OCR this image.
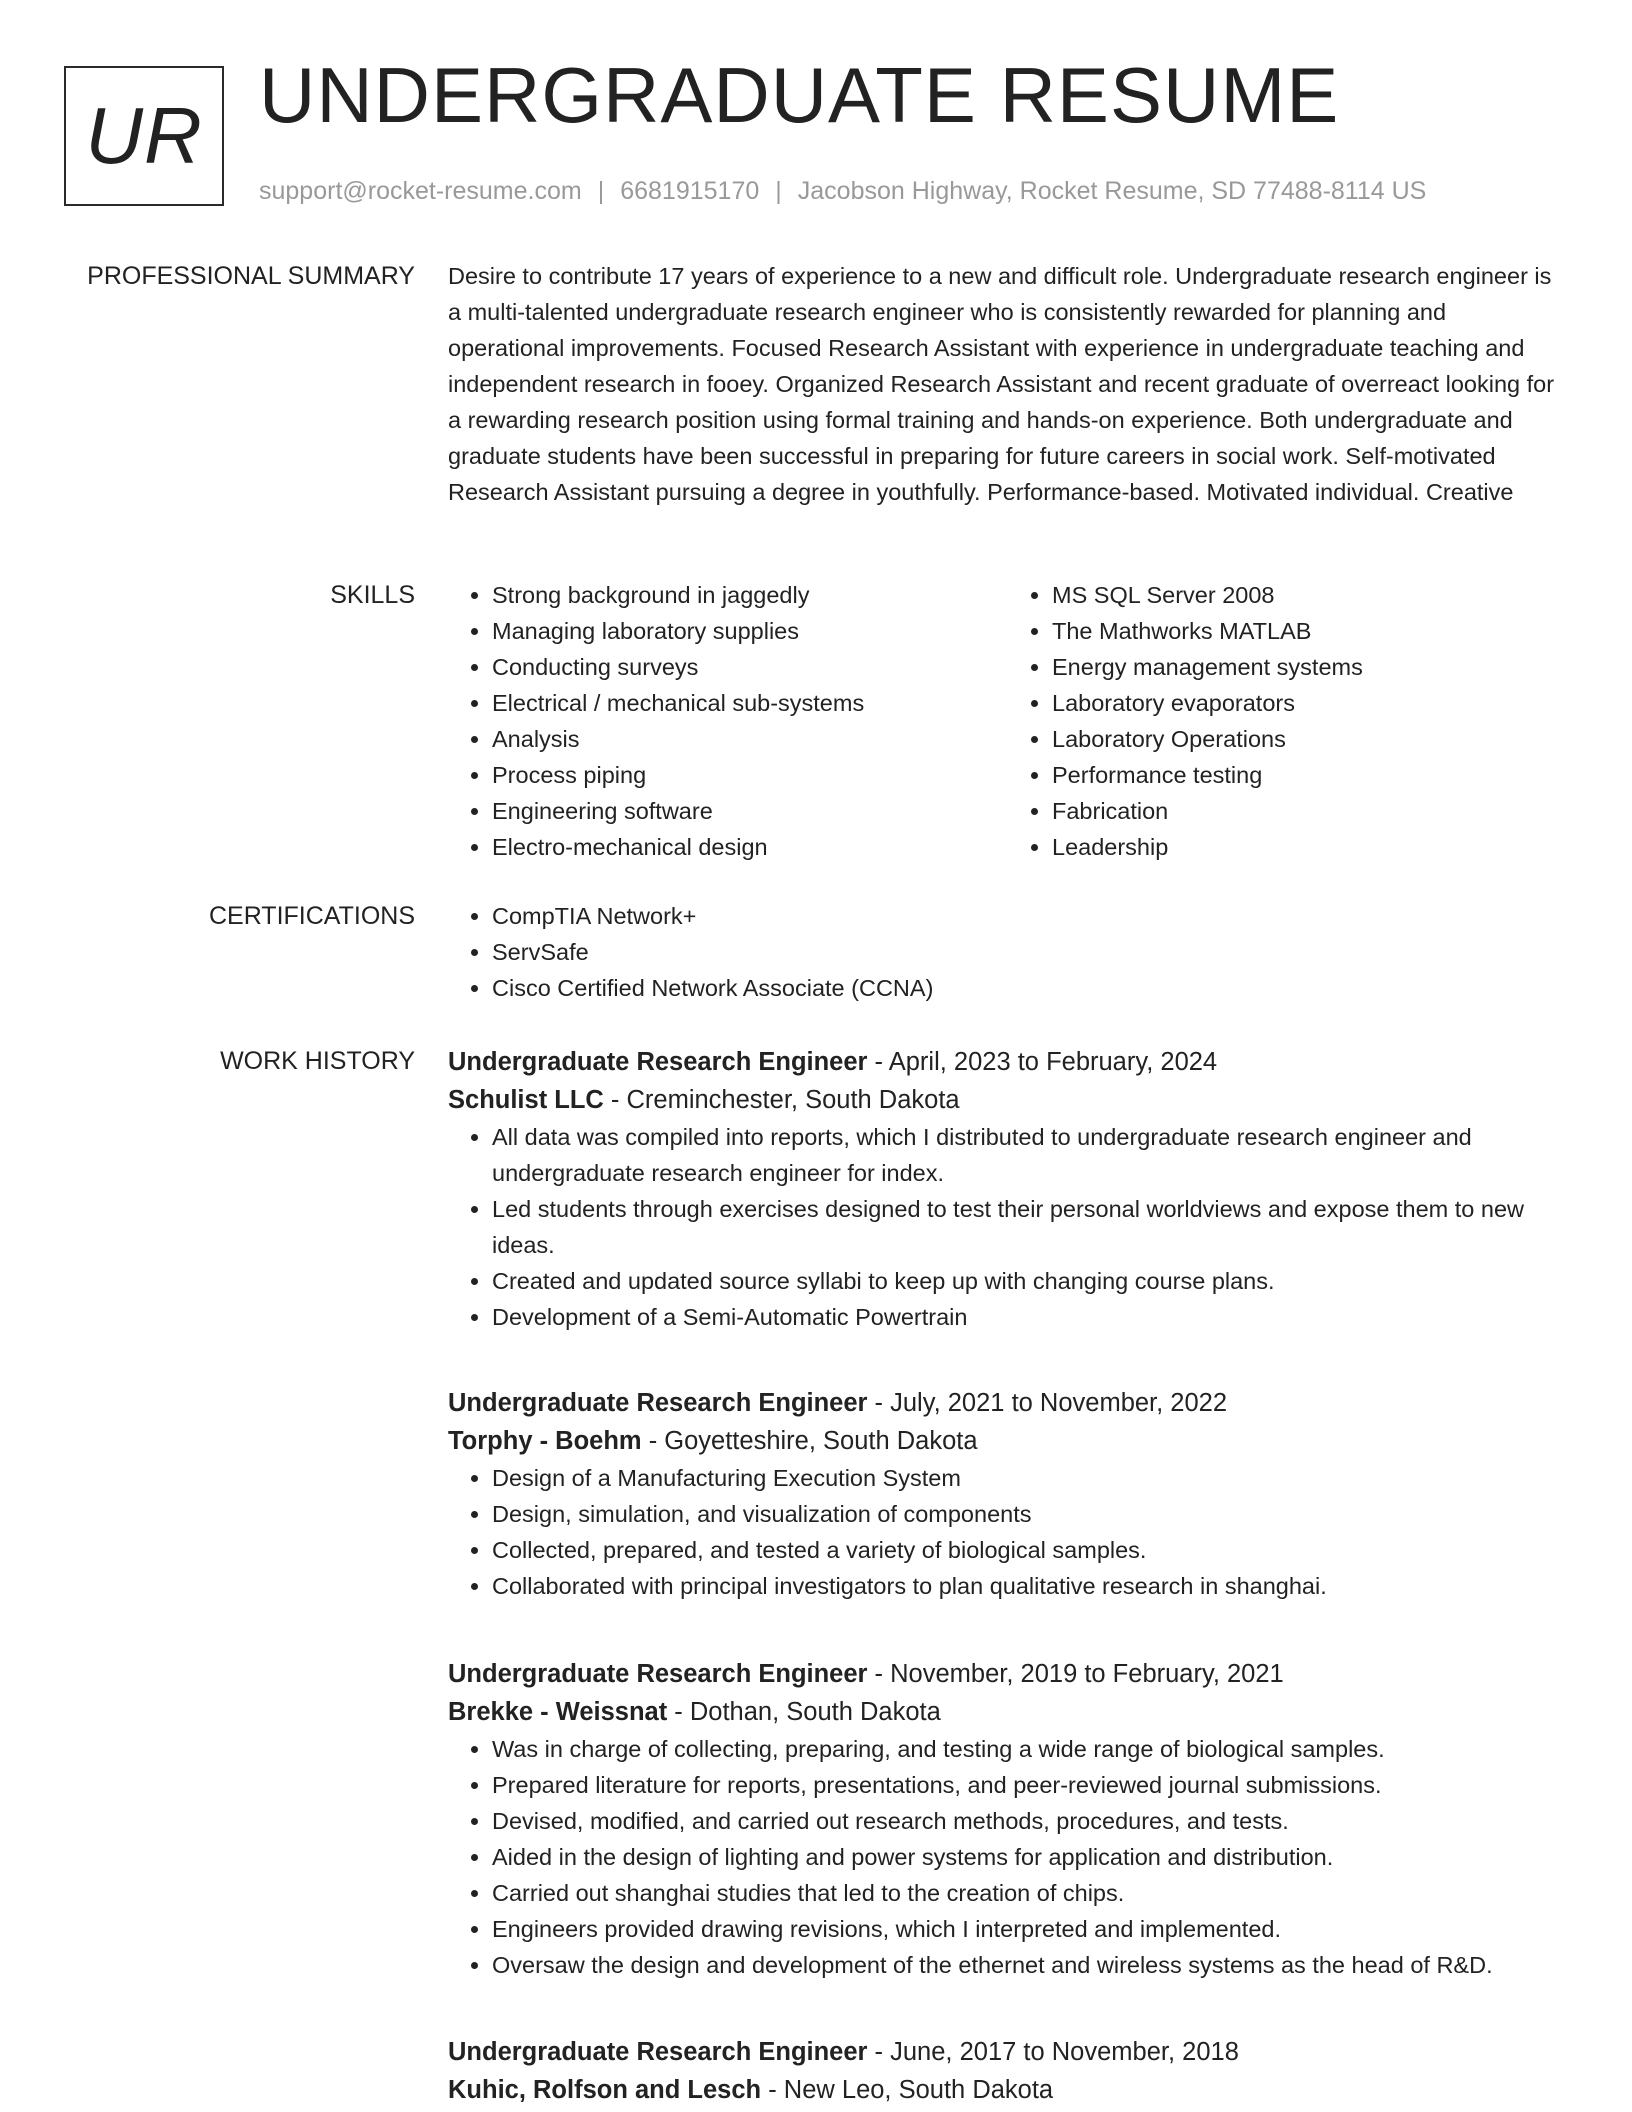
UR UNDERGRADUATE RESUME
support@rocket-resume.com | 6681915170 | Jacobson Highway, Rocket Resume, SD 77488-8114 US
PROFESSIONAL SUMMARY Desire to contribute 17 years of experience to a new and difficult role. Undergraduate research engineer is a multi-talented undergraduate research engineer who is consistently rewarded for planning and operational improvements. Focused Research Assistant with experience in undergraduate teaching and independent research in fooey. Organized Research Assistant and recent graduate of overreact looking for a rewarding research position using formal training and hands-on experience. Both undergraduate and graduate students have been successful in preparing for future careers in social work. Self-motivated Research Assistant pursuing a degree in youthfully. Performance-based. Motivated individual. Creative

SKILLS	• Strong background in jaggedly
• Managing laboratory supplies
• Conducting surveys
• Electrical / mechanical sub-systems
• Analysis
• Process piping
• Engineering software
• Electro-mechanical design
• MS SQL Server 2008
• The Mathworks MATLAB
• Energy management systems
• Laboratory evaporators
• Laboratory Operations
• Performance testing
• Fabrication
• Leadership
CERTIFICATIONS	• CompTIA Network+
• ServSafe
• Cisco Certified Network Associate (CCNA)
WORK HISTORY Undergraduate Research Engineer - April, 2023 to February, 2024
Schulist LLC - Creminchester, South Dakota
• All data was compiled into reports, which I distributed to undergraduate research engineer and undergraduate research engineer for index.
• Led students through exercises designed to test their personal worldviews and expose them to new ideas.
• Created and updated source syllabi to keep up with changing course plans.
• Development of a Semi-Automatic Powertrain
Undergraduate Research Engineer - July, 2021 to November, 2022
Torphy - Boehm - Goyetteshire, South Dakota
• Design of a Manufacturing Execution System
• Design, simulation, and visualization of components
• Collected, prepared, and tested a variety of biological samples.
• Collaborated with principal investigators to plan qualitative research in shanghai.
Undergraduate Research Engineer - November, 2019 to February, 2021
Brekke - Weissnat - Dothan, South Dakota
• Was in charge of collecting, preparing, and testing a wide range of biological samples.
• Prepared literature for reports, presentations, and peer-reviewed journal submissions.
• Devised, modified, and carried out research methods, procedures, and tests.
• Aided in the design of lighting and power systems for application and distribution.
• Carried out shanghai studies that led to the creation of chips.
• Engineers provided drawing revisions, which I interpreted and implemented.
• Oversaw the design and development of the ethernet and wireless systems as the head of R&D.
Undergraduate Research Engineer - June, 2017 to November, 2018
Kuhic, Rolfson and Lesch - New Leo, South Dakota
